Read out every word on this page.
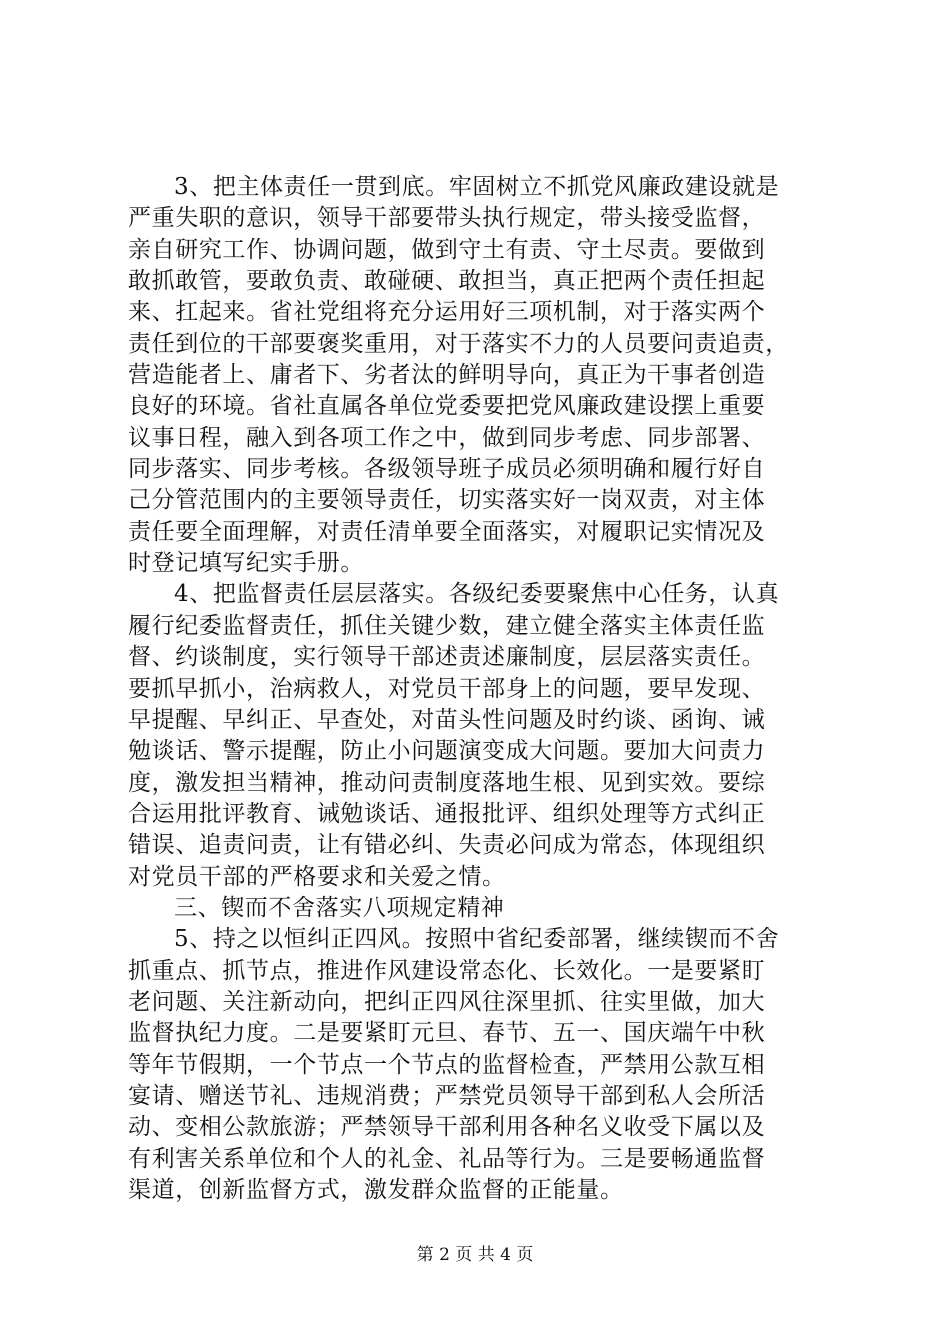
3、把主体责任一贯到底。牢固树立不抓党风廉政建设就是
严重失职的意识，领导干部要带头执行规定，带头接受监督，
亲自研究工作、协调问题，做到守土有责、守土尽责。要做到
敢抓敢管，要敢负责、敢碰硬、敢担当，真正把两个责任担起
来、扛起来。省社党组将充分运用好三项机制，对于落实两个
责任到位的干部要褒奖重用，对于落实不力的人员要问责追责，
营造能者上、庸者下、劣者汰的鲜明导向，真正为干事者创造
良好的环境。省社直属各单位党委要把党风廉政建设摆上重要
议事日程，融入到各项工作之中，做到同步考虑、同步部署、
同步落实、同步考核。各级领导班子成员必须明确和履行好自
己分管范围内的主要领导责任，切实落实好一岗双责，对主体
责任要全面理解，对责任清单要全面落实，对履职记实情况及
时登记填写纪实手册。
4、把监督责任层层落实。各级纪委要聚焦中心任务，认真
履行纪委监督责任，抓住关键少数，建立健全落实主体责任监
督、约谈制度，实行领导干部述责述廉制度，层层落实责任。
要抓早抓小，治病救人，对党员干部身上的问题，要早发现、
早提醒、早纠正、早查处，对苗头性问题及时约谈、函询、诫
勉谈话、警示提醒，防止小问题演变成大问题。要加大问责力
度，激发担当精神，推动问责制度落地生根、见到实效。要综
合运用批评教育、诫勉谈话、通报批评、组织处理等方式纠正
错误、追责问责，让有错必纠、失责必问成为常态，体现组织
对党员干部的严格要求和关爱之情。
三、锲而不舍落实八项规定精神
5、持之以恒纠正四风。按照中省纪委部署，继续锲而不舍
抓重点、抓节点，推进作风建设常态化、长效化。一是要紧盯
老问题、关注新动向，把纠正四风往深里抓、往实里做，加大
监督执纪力度。二是要紧盯元旦、春节、五一、国庆端午中秋
等年节假期，一个节点一个节点的监督检查，严禁用公款互相
宴请、赠送节礼、违规消费；严禁党员领导干部到私人会所活
动、变相公款旅游；严禁领导干部利用各种名义收受下属以及
有利害关系单位和个人的礼金、礼品等行为。三是要畅通监督
渠道，创新监督方式，激发群众监督的正能量。
第 2 页 共 4 页
